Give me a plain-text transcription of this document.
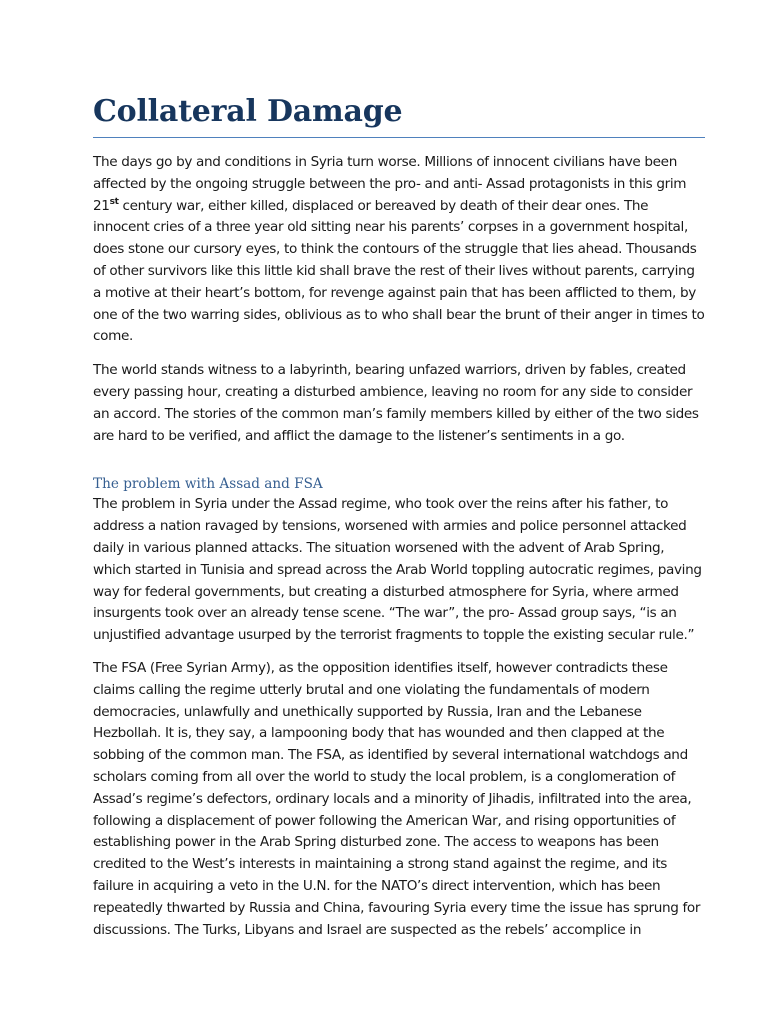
Collateral Damage

The days go by and conditions in Syria turn worse. Millions of innocent civilians have been affected by the ongoing struggle between the pro- and anti- Assad protagonists in this grim 21st century war, either killed, displaced or bereaved by death of their dear ones. The innocent cries of a three year old sitting near his parents’ corpses in a government hospital, does stone our cursory eyes, to think the contours of the struggle that lies ahead. Thousands of other survivors like this little kid shall brave the rest of their lives without parents, carrying a motive at their heart’s bottom, for revenge against pain that has been afflicted to them, by one of the two warring sides, oblivious as to who shall bear the brunt of their anger in times to come.

The world stands witness to a labyrinth, bearing unfazed warriors, driven by fables, created every passing hour, creating a disturbed ambience, leaving no room for any side to consider an accord. The stories of the common man’s family members killed by either of the two sides are hard to be verified, and afflict the damage to the listener’s sentiments in a go.

The problem with Assad and FSA

The problem in Syria under the Assad regime, who took over the reins after his father, to address a nation ravaged by tensions, worsened with armies and police personnel attacked daily in various planned attacks. The situation worsened with the advent of Arab Spring, which started in Tunisia and spread across the Arab World toppling autocratic regimes, paving way for federal governments, but creating a disturbed atmosphere for Syria, where armed insurgents took over an already tense scene. “The war”, the pro- Assad group says, “is an unjustified advantage usurped by the terrorist fragments to topple the existing secular rule.”

The FSA (Free Syrian Army), as the opposition identifies itself, however contradicts these claims calling the regime utterly brutal and one violating the fundamentals of modern democracies, unlawfully and unethically supported by Russia, Iran and the Lebanese Hezbollah. It is, they say, a lampooning body that has wounded and then clapped at the sobbing of the common man. The FSA, as identified by several international watchdogs and scholars coming from all over the world to study the local problem, is a conglomeration of Assad’s regime’s defectors, ordinary locals and a minority of Jihadis, infiltrated into the area, following a displacement of power following the American War, and rising opportunities of establishing power in the Arab Spring disturbed zone. The access to weapons has been credited to the West’s interests in maintaining a strong stand against the regime, and its failure in acquiring a veto in the U.N. for the NATO’s direct intervention, which has been repeatedly thwarted by Russia and China, favouring Syria every time the issue has sprung for discussions. The Turks, Libyans and Israel are suspected as the rebels’ accomplice in
